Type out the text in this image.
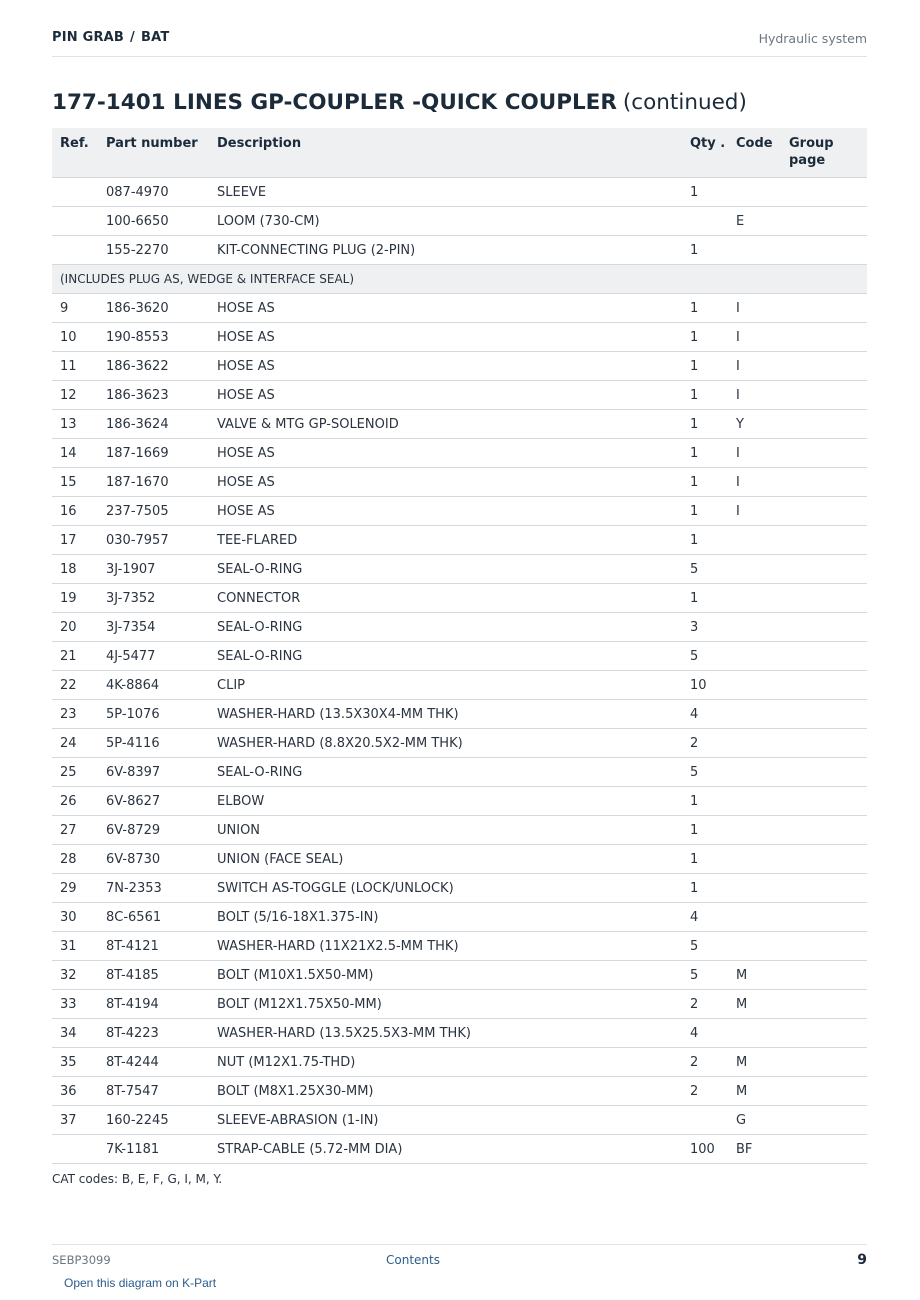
PIN GRAB / BAT	Hydraulic system
177-1401 LINES GP-COUPLER -QUICK COUPLER (continued)
Ref.	Part number	Description	Qty .	Code	Group page
	087-4970	SLEEVE	1		
	100-6650	LOOM (730-CM)		E	
	155-2270	KIT-CONNECTING PLUG (2-PIN)	1		
(INCLUDES PLUG AS, WEDGE & INTERFACE SEAL)					
9	186-3620	HOSE AS	1	I	
10	190-8553	HOSE AS	1	I	
11	186-3622	HOSE AS	1	I	
12	186-3623	HOSE AS	1	I	
13	186-3624	VALVE & MTG GP-SOLENOID	1	Y	
14	187-1669	HOSE AS	1	I	
15	187-1670	HOSE AS	1	I	
16	237-7505	HOSE AS	1	I	
17	030-7957	TEE-FLARED	1		
18	3J-1907	SEAL-O-RING	5		
19	3J-7352	CONNECTOR	1		
20	3J-7354	SEAL-O-RING	3		
21	4J-5477	SEAL-O-RING	5		
22	4K-8864	CLIP	10		
23	5P-1076	WASHER-HARD (13.5X30X4-MM THK)	4		
24	5P-4116	WASHER-HARD (8.8X20.5X2-MM THK)	2		
25	6V-8397	SEAL-O-RING	5		
26	6V-8627	ELBOW	1		
27	6V-8729	UNION	1		
28	6V-8730	UNION (FACE SEAL)	1		
29	7N-2353	SWITCH AS-TOGGLE (LOCK/UNLOCK)	1		
30	8C-6561	BOLT (5/16-18X1.375-IN)	4		
31	8T-4121	WASHER-HARD (11X21X2.5-MM THK)	5		
32	8T-4185	BOLT (M10X1.5X50-MM)	5	M	
33	8T-4194	BOLT (M12X1.75X50-MM)	2	M	
34	8T-4223	WASHER-HARD (13.5X25.5X3-MM THK)	4		
35	8T-4244	NUT (M12X1.75-THD)	2	M	
36	8T-7547	BOLT (M8X1.25X30-MM)	2	M	
37	160-2245	SLEEVE-ABRASION (1-IN)		G	
	7K-1181	STRAP-CABLE (5.72-MM DIA)	100	BF	
CAT codes: B, E, F, G, I, M, Y.
SEBP3099	Contents	9
Open this diagram on K-Part
